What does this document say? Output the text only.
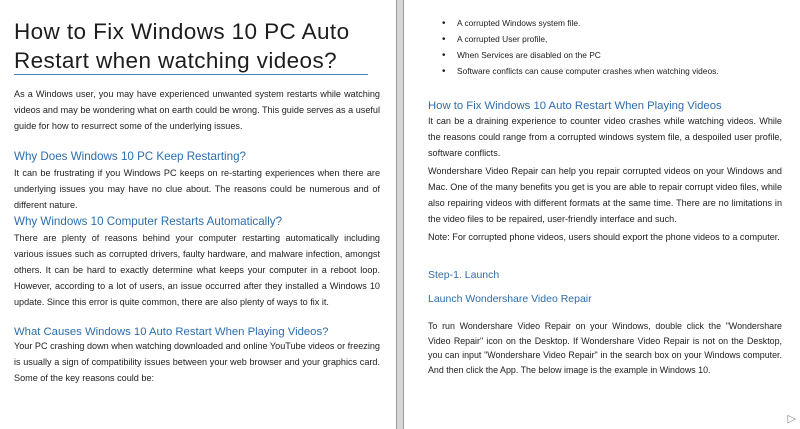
How to Fix Windows 10 PC Auto Restart when watching videos?

As a Windows user, you may have experienced unwanted system restarts while watching videos and may be wondering what on earth could be wrong. This guide serves as a useful guide for how to resurrect some of the underlying issues.

Why Does Windows 10 PC Keep Restarting?

It can be frustrating if you Windows PC keeps on re-starting experiences when there are underlying issues you may have no clue about. The reasons could be numerous and of different nature.

Why Windows 10 Computer Restarts Automatically?

There are plenty of reasons behind your computer restarting automatically including various issues such as corrupted drivers, faulty hardware, and malware infection, amongst others. It can be hard to exactly determine what keeps your computer in a reboot loop. However, according to a lot of users, an issue occurred after they installed a Windows 10 update. Since this error is quite common, there are also plenty of ways to fix it.

What Causes Windows 10 Auto Restart When Playing Videos?

Your PC crashing down when watching downloaded and online YouTube videos or freezing is usually a sign of compatibility issues between your web browser and your graphics card. Some of the key reasons could be:

• A corrupted Windows system file.
• A corrupted User profile,
• When Services are disabled on the PC
• Software conflicts can cause computer crashes when watching videos.
How to Fix Windows 10 Auto Restart When Playing Videos

It can be a draining experience to counter video crashes while watching videos. While the reasons could range from a corrupted windows system file, a despoiled user profile, software conflicts.

Wondershare Video Repair can help you repair corrupted videos on your Windows and Mac. One of the many benefits you get is you are able to repair corrupt video files, while also repairing videos with different formats at the same time. There are no limitations in the video files to be repaired, user-friendly interface and such.

Note: For corrupted phone videos, users should export the phone videos to a computer.

Step-1. Launch
Launch Wondershare Video Repair

To run Wondershare Video Repair on your Windows, double click the "Wondershare Video Repair" icon on the Desktop. If Wondershare Video Repair is not on the Desktop, you can input "Wondershare Video Repair" in the search box on your Windows computer. And then click the App. The below image is the example in Windows 10.

▷
